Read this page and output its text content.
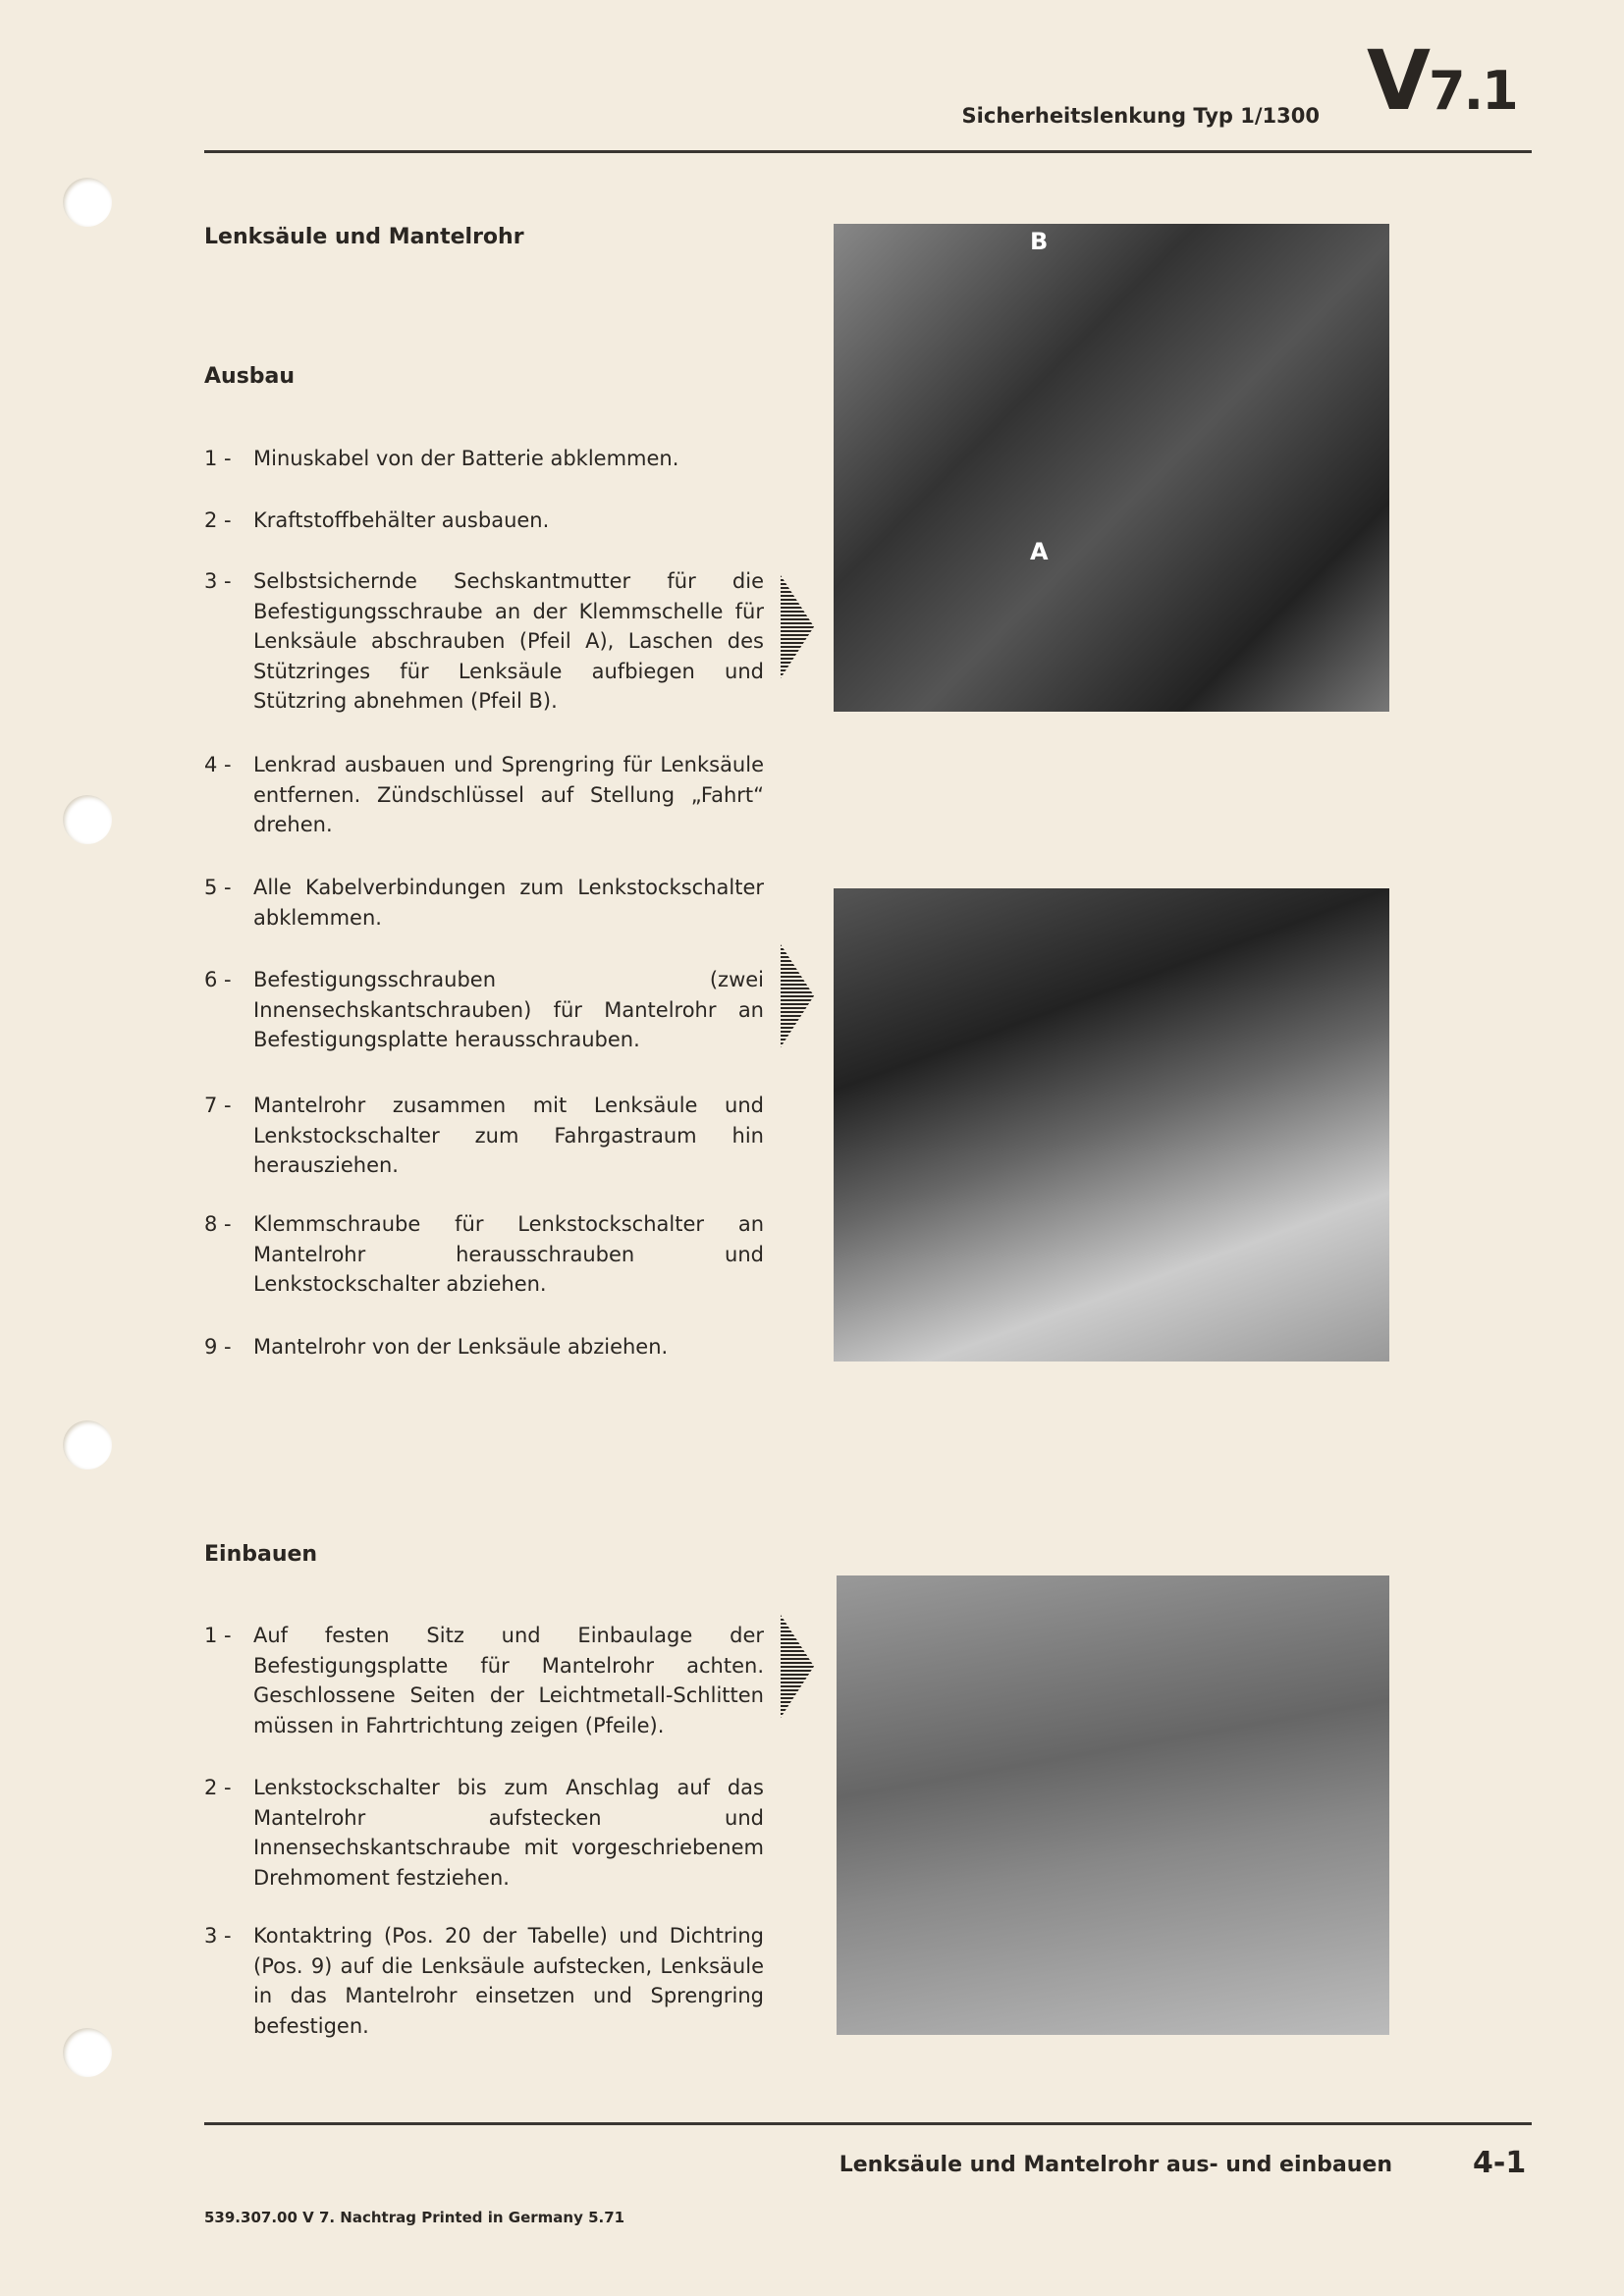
Sicherheitslenkung Typ 1/1300 V7.1
Lenksäule und Mantelrohr
Ausbau
1 - Minuskabel von der Batterie abklemmen.
2 - Kraftstoffbehälter ausbauen.
3 - Selbstsichernde Sechskantmutter für die Befestigungsschraube an der Klemmschelle für Lenksäule abschrauben (Pfeil A), Laschen des Stützringes für Lenksäule aufbiegen und Stützring abnehmen (Pfeil B).
4 - Lenkrad ausbauen und Sprengring für Lenksäule entfernen. Zündschlüssel auf Stellung „Fahrt“ drehen.
5 - Alle Kabelverbindungen zum Lenkstockschalter abklemmen.
6 - Befestigungsschrauben (zwei Innensechskantschrauben) für Mantelrohr an Befestigungsplatte herausschrauben.
7 - Mantelrohr zusammen mit Lenksäule und Lenkstockschalter zum Fahrgastraum hin herausziehen.
8 - Klemmschraube für Lenkstockschalter an Mantelrohr herausschrauben und Lenkstockschalter abziehen.
9 - Mantelrohr von der Lenksäule abziehen.
Einbauen
1 - Auf festen Sitz und Einbaulage der Befestigungsplatte für Mantelrohr achten. Geschlossene Seiten der Leichtmetall-Schlitten müssen in Fahrtrichtung zeigen (Pfeile).
2 - Lenkstockschalter bis zum Anschlag auf das Mantelrohr aufstecken und Innensechskantschraube mit vorgeschriebenem Drehmoment festziehen.
3 - Kontaktring (Pos. 20 der Tabelle) und Dichtring (Pos. 9) auf die Lenksäule aufstecken, Lenksäule in das Mantelrohr einsetzen und Sprengring befestigen.
A
B
Lenksäule und Mantelrohr aus- und einbauen	4-1
539.307.00 V 7. Nachtrag Printed in Germany 5.71
